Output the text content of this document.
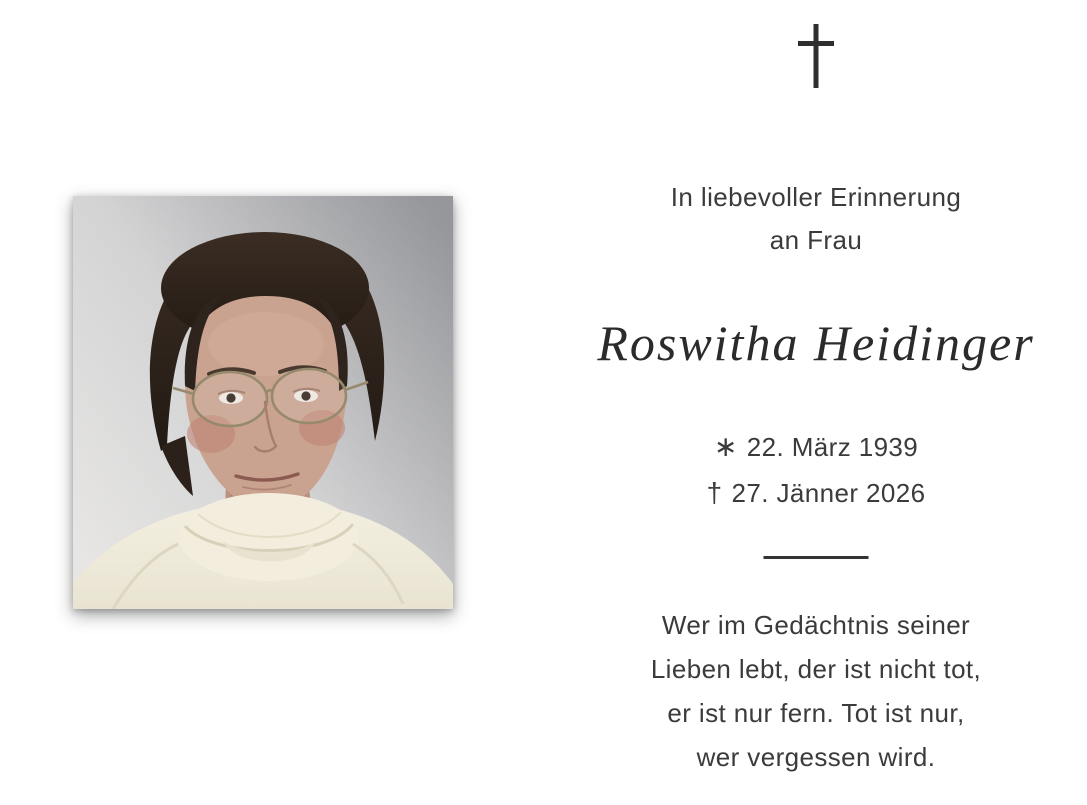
In liebevoller Erinnerung
an Frau
Roswitha Heidinger
∗ 22. März 1939
† 27. Jänner 2026
Wer im Gedächtnis seiner
Lieben lebt, der ist nicht tot,
er ist nur fern. Tot ist nur,
wer vergessen wird.
